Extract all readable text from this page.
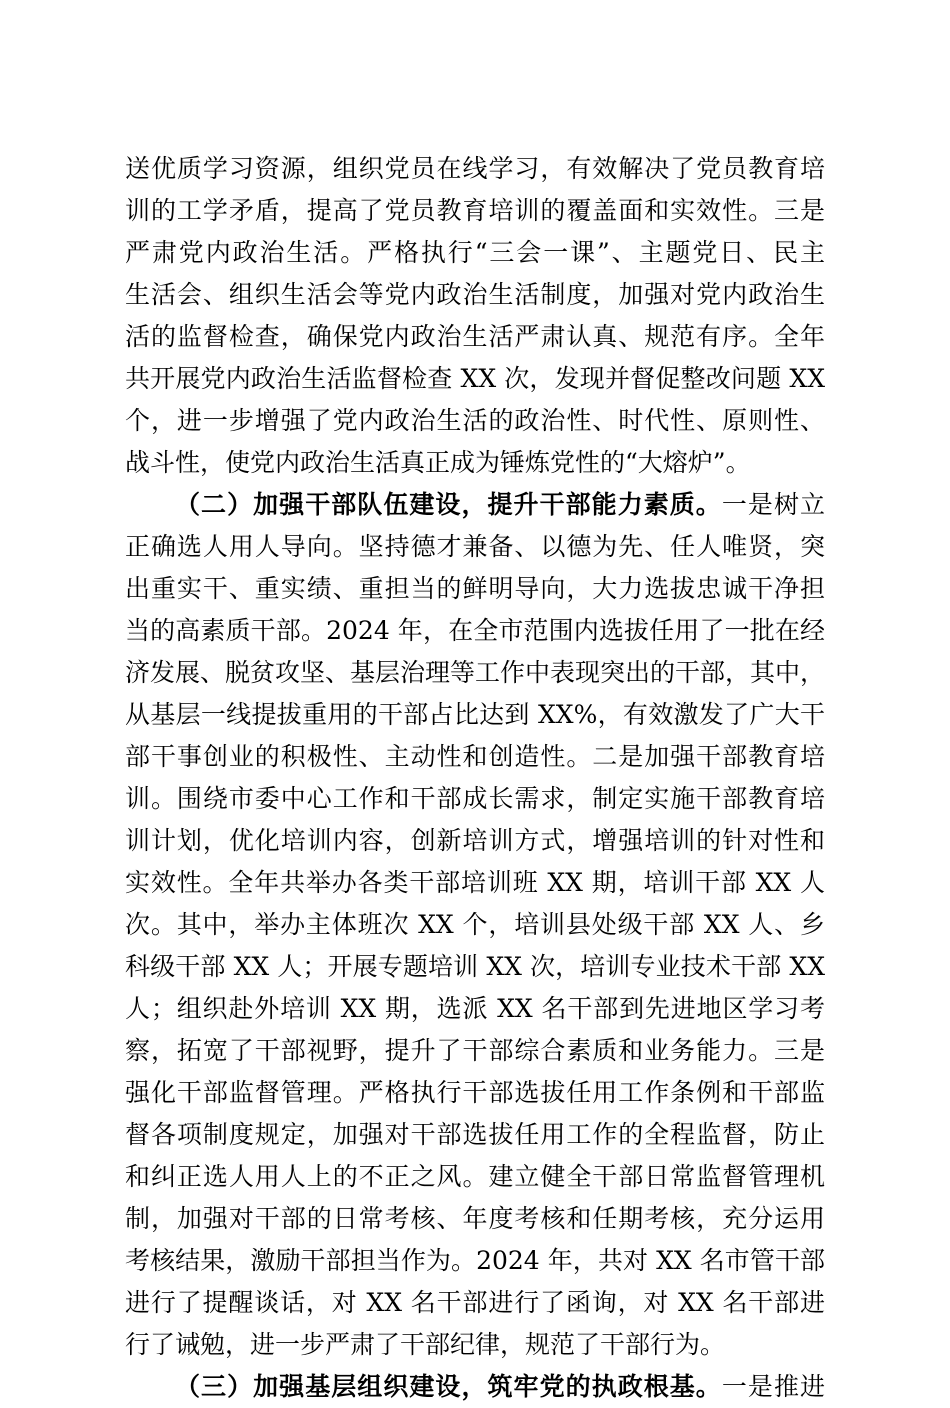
送优质学习资源，组织党员在线学习，有效解决了党员教育培
训的工学矛盾，提高了党员教育培训的覆盖面和实效性。三是
严肃党内政治生活。严格执行“三会一课”、主题党日、民主
生活会、组织生活会等党内政治生活制度，加强对党内政治生
活的监督检查，确保党内政治生活严肃认真、规范有序。全年
共开展党内政治生活监督检查 XX 次，发现并督促整改问题 XX
个，进一步增强了党内政治生活的政治性、时代性、原则性、
战斗性，使党内政治生活真正成为锤炼党性的“大熔炉”。
（二）加强干部队伍建设，提升干部能力素质。一是树立
正确选人用人导向。坚持德才兼备、以德为先、任人唯贤，突
出重实干、重实绩、重担当的鲜明导向，大力选拔忠诚干净担
当的高素质干部。2024 年，在全市范围内选拔任用了一批在经
济发展、脱贫攻坚、基层治理等工作中表现突出的干部，其中，
从基层一线提拔重用的干部占比达到 XX%，有效激发了广大干
部干事创业的积极性、主动性和创造性。二是加强干部教育培
训。围绕市委中心工作和干部成长需求，制定实施干部教育培
训计划，优化培训内容，创新培训方式，增强培训的针对性和
实效性。全年共举办各类干部培训班 XX 期，培训干部 XX 人
次。其中，举办主体班次 XX 个，培训县处级干部 XX 人、乡
科级干部 XX 人；开展专题培训 XX 次，培训专业技术干部 XX
人；组织赴外培训 XX 期，选派 XX 名干部到先进地区学习考
察，拓宽了干部视野，提升了干部综合素质和业务能力。三是
强化干部监督管理。严格执行干部选拔任用工作条例和干部监
督各项制度规定，加强对干部选拔任用工作的全程监督，防止
和纠正选人用人上的不正之风。建立健全干部日常监督管理机
制，加强对干部的日常考核、年度考核和任期考核，充分运用
考核结果，激励干部担当作为。2024 年，共对 XX 名市管干部
进行了提醒谈话，对 XX 名干部进行了函询，对 XX 名干部进
行了诫勉，进一步严肃了干部纪律，规范了干部行为。
（三）加强基层组织建设，筑牢党的执政根基。一是推进
